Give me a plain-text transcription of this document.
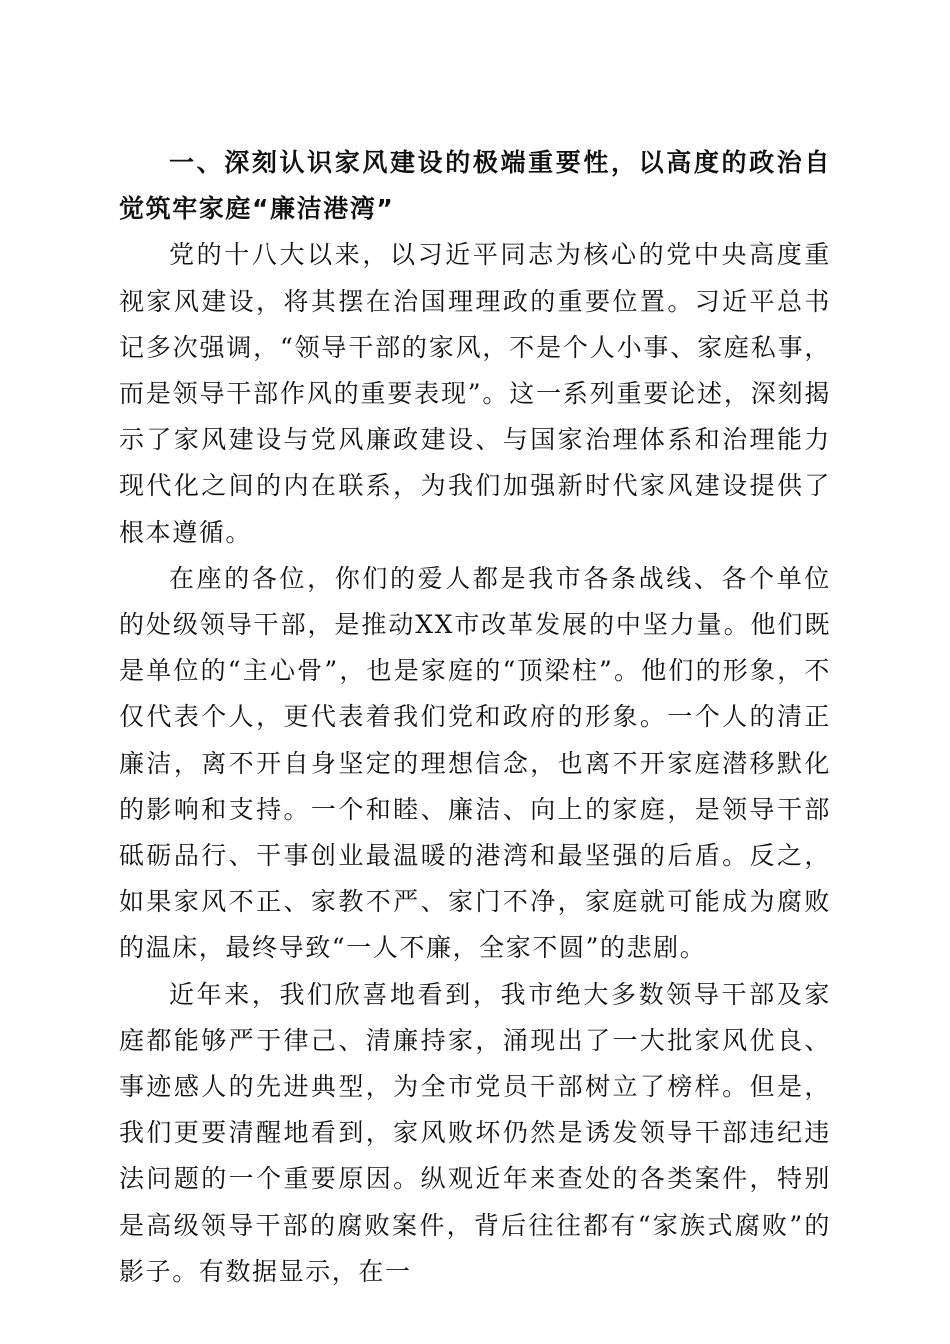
一、深刻认识家风建设的极端重要性，以高度的政治自觉筑牢家庭“廉洁港湾”

党的十八大以来，以习近平同志为核心的党中央高度重视家风建设，将其摆在治国理理政的重要位置。习近平总书记多次强调，“领导干部的家风，不是个人小事、家庭私事，而是领导干部作风的重要表现”。这一系列重要论述，深刻揭示了家风建设与党风廉政建设、与国家治理体系和治理能力现代化之间的内在联系，为我们加强新时代家风建设提供了根本遵循。

在座的各位，你们的爱人都是我市各条战线、各个单位的处级领导干部，是推动XX市改革发展的中坚力量。他们既是单位的“主心骨”，也是家庭的“顶梁柱”。他们的形象，不仅代表个人，更代表着我们党和政府的形象。一个人的清正廉洁，离不开自身坚定的理想信念，也离不开家庭潜移默化的影响和支持。一个和睦、廉洁、向上的家庭，是领导干部砥砺品行、干事创业最温暖的港湾和最坚强的后盾。反之，如果家风不正、家教不严、家门不净，家庭就可能成为腐败的温床，最终导致“一人不廉，全家不圆”的悲剧。

近年来，我们欣喜地看到，我市绝大多数领导干部及家庭都能够严于律己、清廉持家，涌现出了一大批家风优良、事迹感人的先进典型，为全市党员干部树立了榜样。但是，我们更要清醒地看到，家风败坏仍然是诱发领导干部违纪违法问题的一个重要原因。纵观近年来查处的各类案件，特别是高级领导干部的腐败案件，背后往往都有“家族式腐败”的影子。有数据显示，在一
